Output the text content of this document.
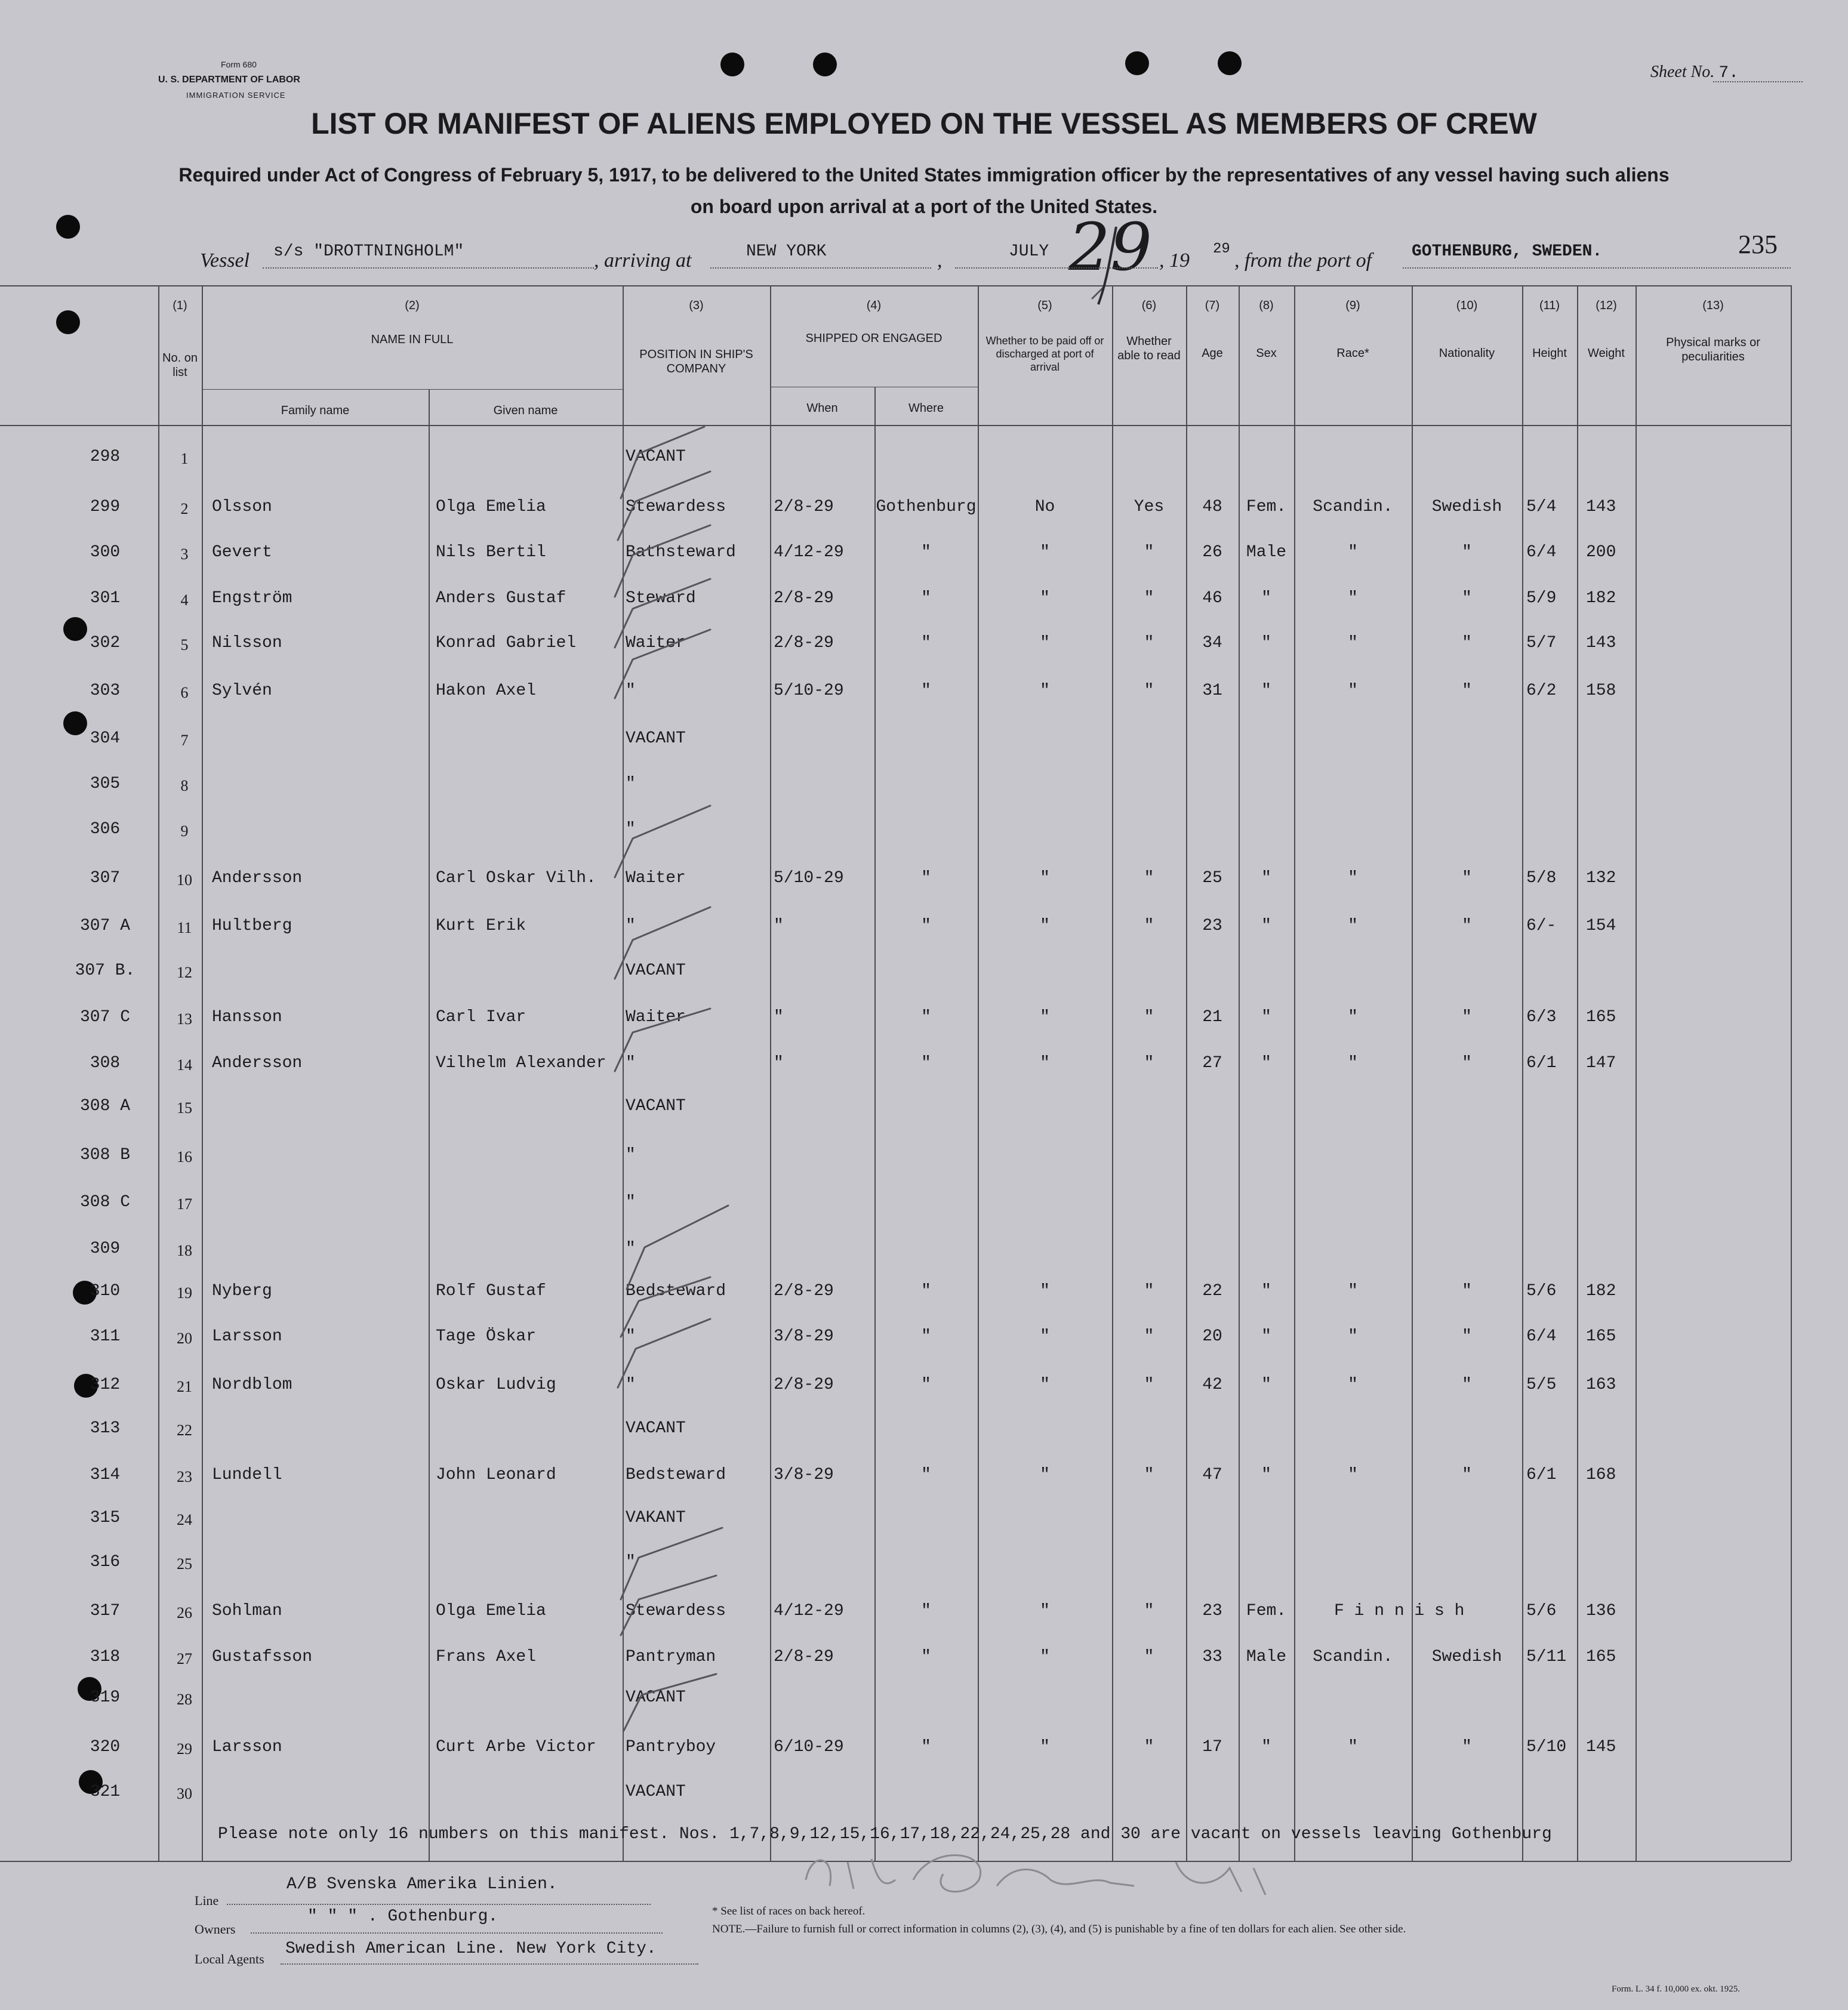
Form 680
U. S. DEPARTMENT OF LABOR
IMMIGRATION SERVICE
Sheet No. 7.
LIST OR MANIFEST OF ALIENS EMPLOYED ON THE VESSEL AS MEMBERS OF CREW
Required under Act of Congress of February 5, 1917, to be delivered to the United States immigration officer by the representatives of any vessel having such aliens
on board upon arrival at a port of the United States.
Vessel s/s "DROTTNINGHOLM"	, arriving at	NEW YORK	,	JULY 29 , 19
29
, from the port of GOTHENBURG, SWEDEN.	235
(1)
No. on list
(2)
NAME IN FULL
Family name	Given name
(3)
POSITION IN SHIP'S COMPANY
(4)
SHIPPED OR ENGAGED
When	Where
(5)
Whether to be paid off or discharged at port of arrival
(6)
Whether able to read
(7)
Age
(8)
Sex
(9)
Race*
(10)
Nationality
(11)
Height
(12)
Weight
(13)
Physical marks or peculiarities
298	1	VACANT
299	2	Olsson	Olga Emelia	Stewardess	2/8-29	Gothenburg	No	Yes	48	Fem.	Scandin.	Swedish	5/4 143
300	3	Gevert	Nils Bertil	Bathsteward 4/12-29	"	"	"	26	Male	"	"	6/4 200
301	4	Engström	Anders Gustaf	Steward	2/8-29	"	"	"	46	"	"	"	5/9 182
302	5	Nilsson	Konrad Gabriel	Waiter	2/8-29	"	"	"	34	"	"	"	5/7 143
303	6	Sylvén	Hakon Axel	"	5/10-29	"	"	"	31	"	"	"	6/2 158
304	7	VACANT
305	8	"
306	9	"
307	10	Andersson	Carl Oskar Vilh. Waiter	5/10-29	"	"	"	25	"	"	"	5/8 132
307 A	11	Hultberg	Kurt Erik	"	"	"	"	"	23	"	"	"	6/- 154
307 B.	12	VACANT
307 C	13	Hansson	Carl Ivar	Waiter	"	"	"	"	21	"	"	"	6/3 165
308	14	Andersson	Vilhelm Alexander "	"	"	"	"	27	"	"	"	6/1 147
308 A	15	VACANT
308 B	16	"
308 C	17	"
309	18	"
310	19	Nyberg	Rolf Gustaf	Bedsteward	2/8-29	"	"	"	22	"	"	"	5/6 182
311	20	Larsson	Tage Öskar	"	3/8-29	"	"	"	20	"	"	"	6/4 165
312	21	Nordblom	Oskar Ludvig	"	2/8-29	"	"	"	42	"	"	"	5/5 163
313	22	VACANT
314	23	Lundell	John Leonard	Bedsteward	3/8-29	"	"	"	47	"	"	"	6/1 168
315	24	VAKANT
316	25	"
317	26	Sohlman	Olga Emelia	Stewardess	4/12-29	"	"	"	23	Fem.	F i n n i s h	5/6 136
318	27	Gustafsson	Frans Axel	Pantryman	2/8-29	"	"	"	33	Male	Scandin.	Swedish	5/11 165
319	28	VACANT
320	29	Larsson	Curt Arbe Victor Pantryboy	6/10-29	"	"	"	17	"	"	"	5/10 145
321	30	VACANT
Please note only 16 numbers on this manifest. Nos. 1,7,8,9,12,15,16,17,18,22,24,25,28 and 30 are vacant on vessels leaving Gothenburg
Line
A/B Svenska Amerika Linien.
Owners
" " " . Gothenburg.
Local Agents
Swedish American Line. New York City.
* See list of races on back hereof.
NOTE.—Failure to furnish full or correct information in columns (2), (3), (4), and (5) is punishable by a fine of ten dollars for each alien. See other side.
Form. L. 34 f. 10,000 ex. okt. 1925.
